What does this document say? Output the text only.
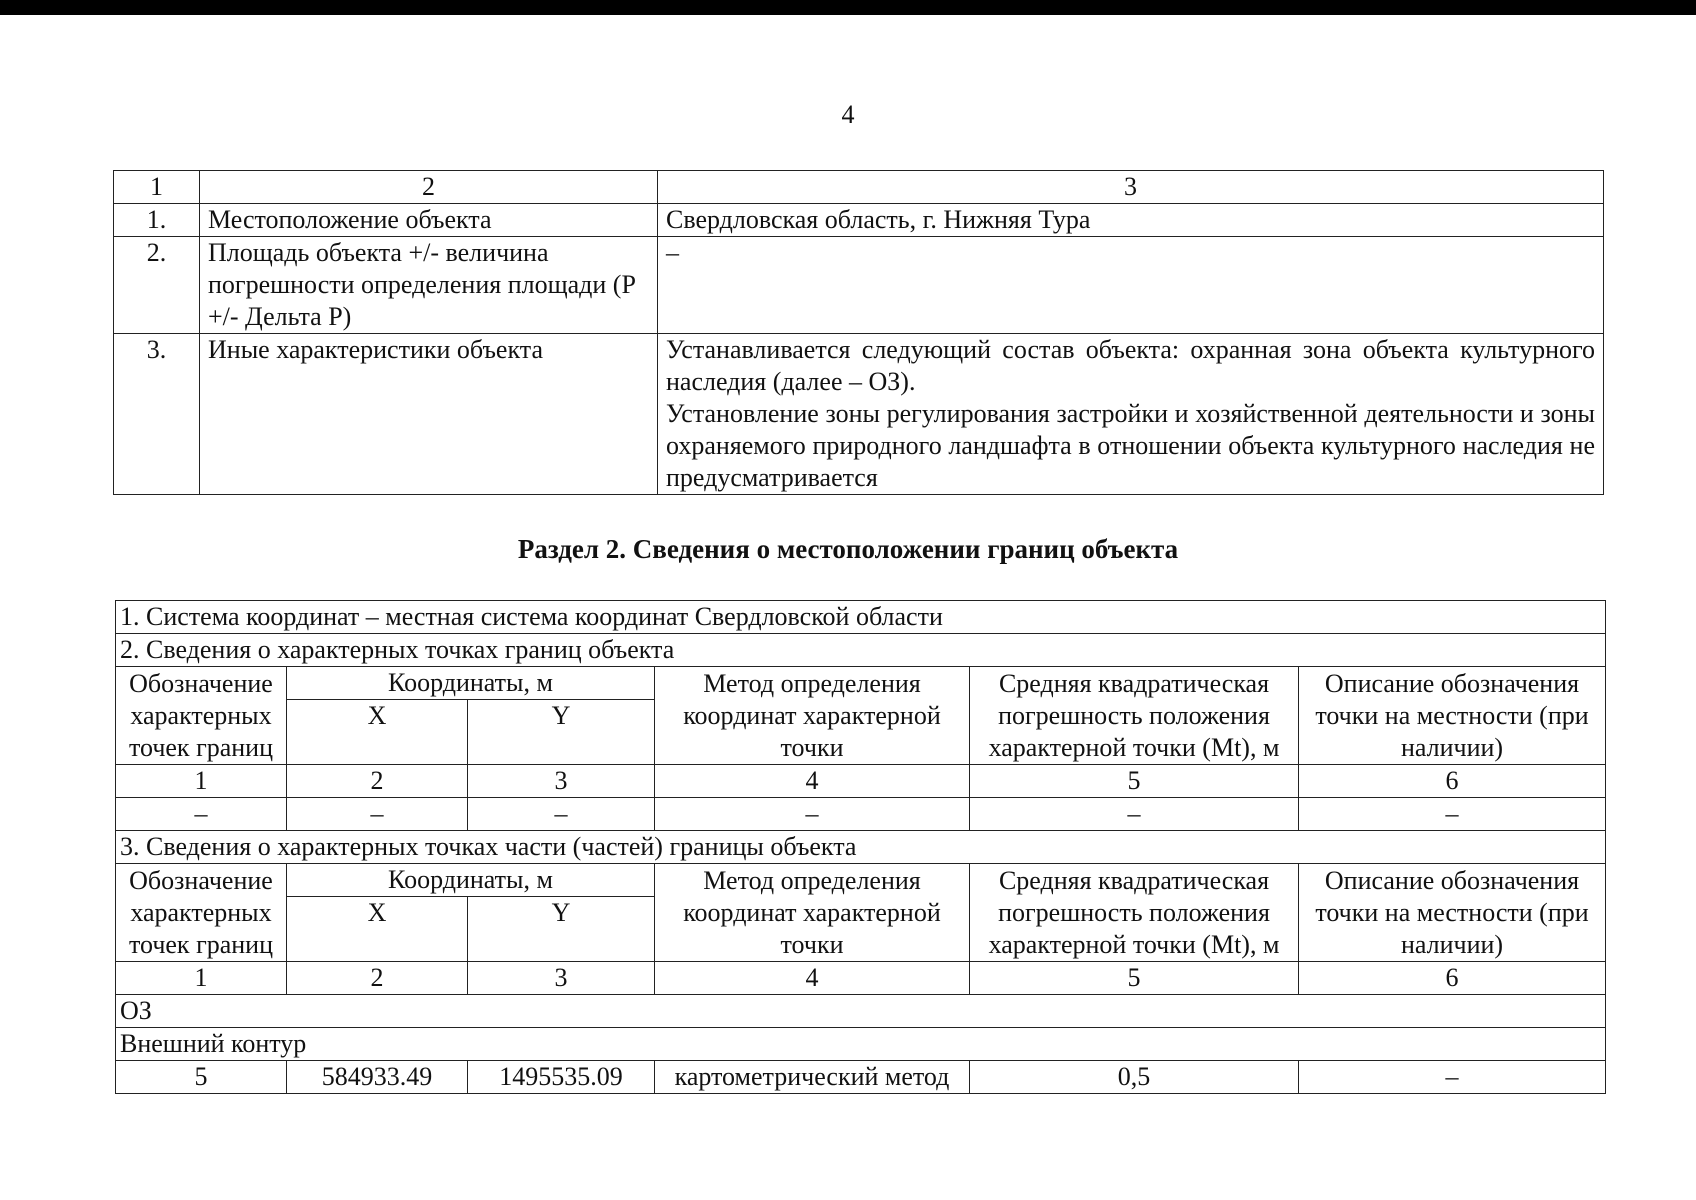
4
1	2	3
1.	Местоположение объекта	Свердловская область, г. Нижняя Тура
2.	Площадь объекта +/- величина погрешности определения площади (Р +/- Дельта Р)	–
3.	Иные характеристики объекта	Устанавливается следующий состав объекта: охранная зона объекта культурного наследия (далее – ОЗ).
Установление зоны регулирования застройки и хозяйственной деятельности и зоны охраняемого природного ландшафта в отношении объекта культурного наследия не предусматривается
Раздел 2. Сведения о местоположении границ объекта
1. Система координат – местная система координат Свердловской области					
2. Сведения о характерных точках границ объекта					
Обозначение характерных точек границ	Координаты, м		Метод определения координат характерной точки	Средняя квадратическая погрешность положения характерной точки (Mt), м	Описание обозначения точки на местности (при наличии)
	X	Y			
1	2	3	4	5	6
–	–	–	–	–	–
3. Сведения о характерных точках части (частей) границы объекта					
Обозначение характерных точек границ	Координаты, м		Метод определения координат характерной точки	Средняя квадратическая погрешность положения характерной точки (Mt), м	Описание обозначения точки на местности (при наличии)
	X	Y			
1	2	3	4	5	6
ОЗ					
Внешний контур					
5	584933.49	1495535.09	картометрический метод	0,5	–
